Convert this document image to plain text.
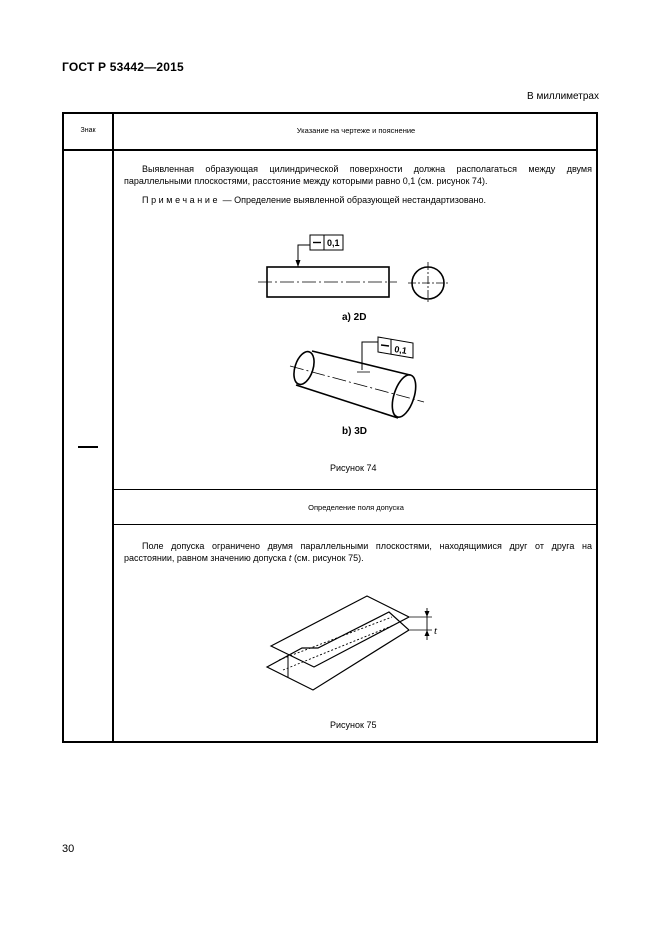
ГОСТ Р 53442—2015
В миллиметрах
Знак	Указание на чертеже и пояснение
Определение поля допуска
Выявленная образующая цилиндрической поверхности должна располагаться между двумя параллельными плоскостями, расстояние между которыми равно 0,1 (см. рисунок 74).
Примечание — Определение выявленной образующей нестандартизовано.
Поле допуска ограничено двумя параллельными плоскостями, находящимися друг от друга на расстоянии, равном значению допуска t (см. рисунок 75).
Рисунок 74
Рисунок 75
30
0,1
a) 2D
0,1
b) 3D
t
